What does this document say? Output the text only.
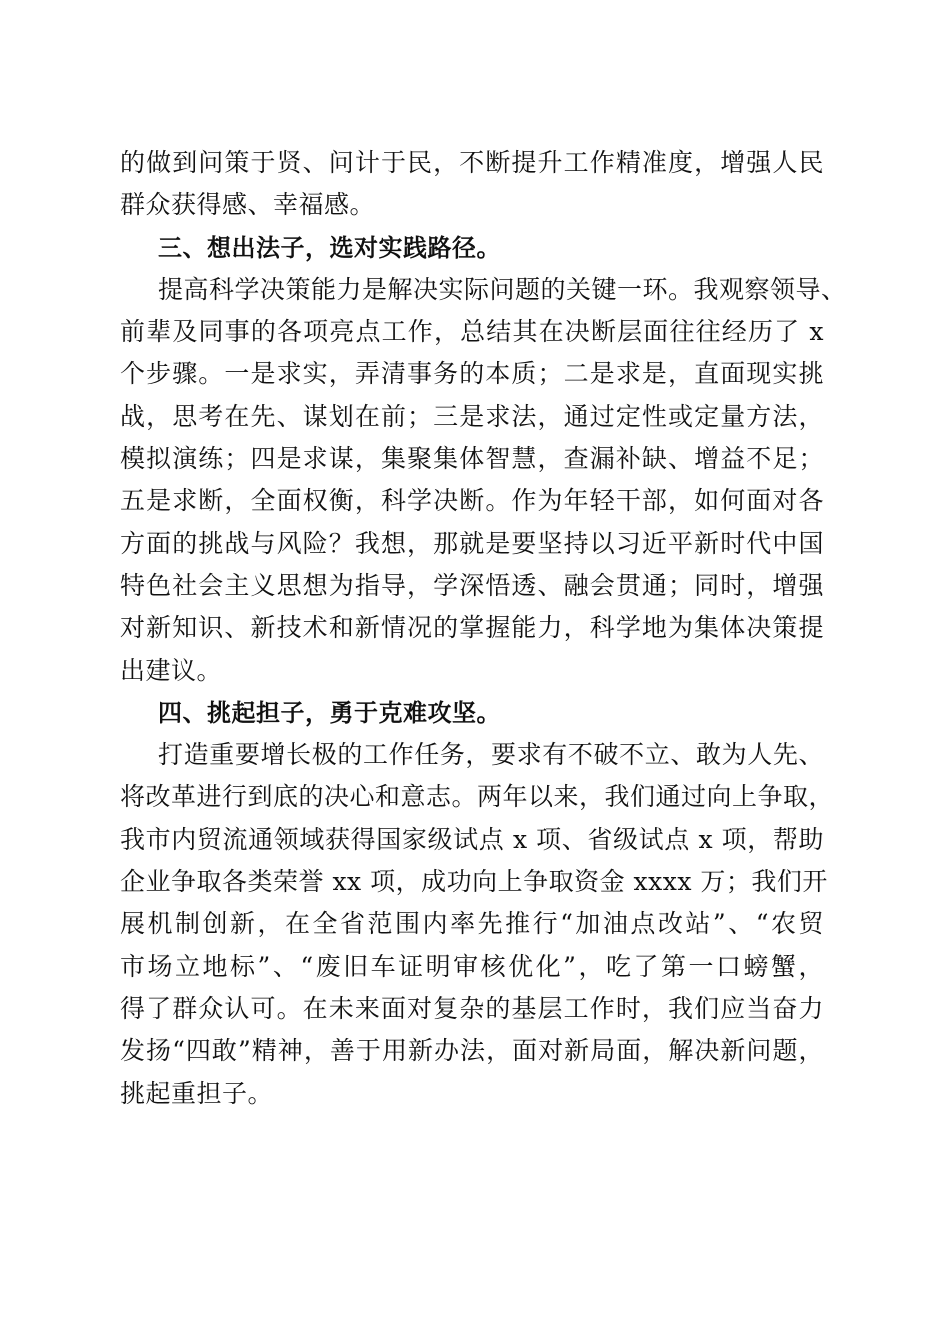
的做到问策于贤、问计于民，不断提升工作精准度，增强人民
群众获得感、幸福感。
三、想出法子，选对实践路径。
提高科学决策能力是解决实际问题的关键一环。我观察领导、
前辈及同事的各项亮点工作，总结其在决断层面往往经历了 x
个步骤。一是求实，弄清事务的本质；二是求是，直面现实挑
战，思考在先、谋划在前；三是求法，通过定性或定量方法，
模拟演练；四是求谋，集聚集体智慧，查漏补缺、增益不足；
五是求断，全面权衡，科学决断。作为年轻干部，如何面对各
方面的挑战与风险？我想，那就是要坚持以习近平新时代中国
特色社会主义思想为指导，学深悟透、融会贯通；同时，增强
对新知识、新技术和新情况的掌握能力，科学地为集体决策提
出建议。
四、挑起担子，勇于克难攻坚。
打造重要增长极的工作任务，要求有不破不立、敢为人先、
将改革进行到底的决心和意志。两年以来，我们通过向上争取，
我市内贸流通领域获得国家级试点 x 项、省级试点 x 项，帮助
企业争取各类荣誉 xx 项，成功向上争取资金 xxxx 万；我们开
展机制创新，在全省范围内率先推行“加油点改站”、“农贸
市场立地标”、“废旧车证明审核优化”，吃了第一口螃蟹，
得了群众认可。在未来面对复杂的基层工作时，我们应当奋力
发扬“四敢”精神，善于用新办法，面对新局面，解决新问题，
挑起重担子。
